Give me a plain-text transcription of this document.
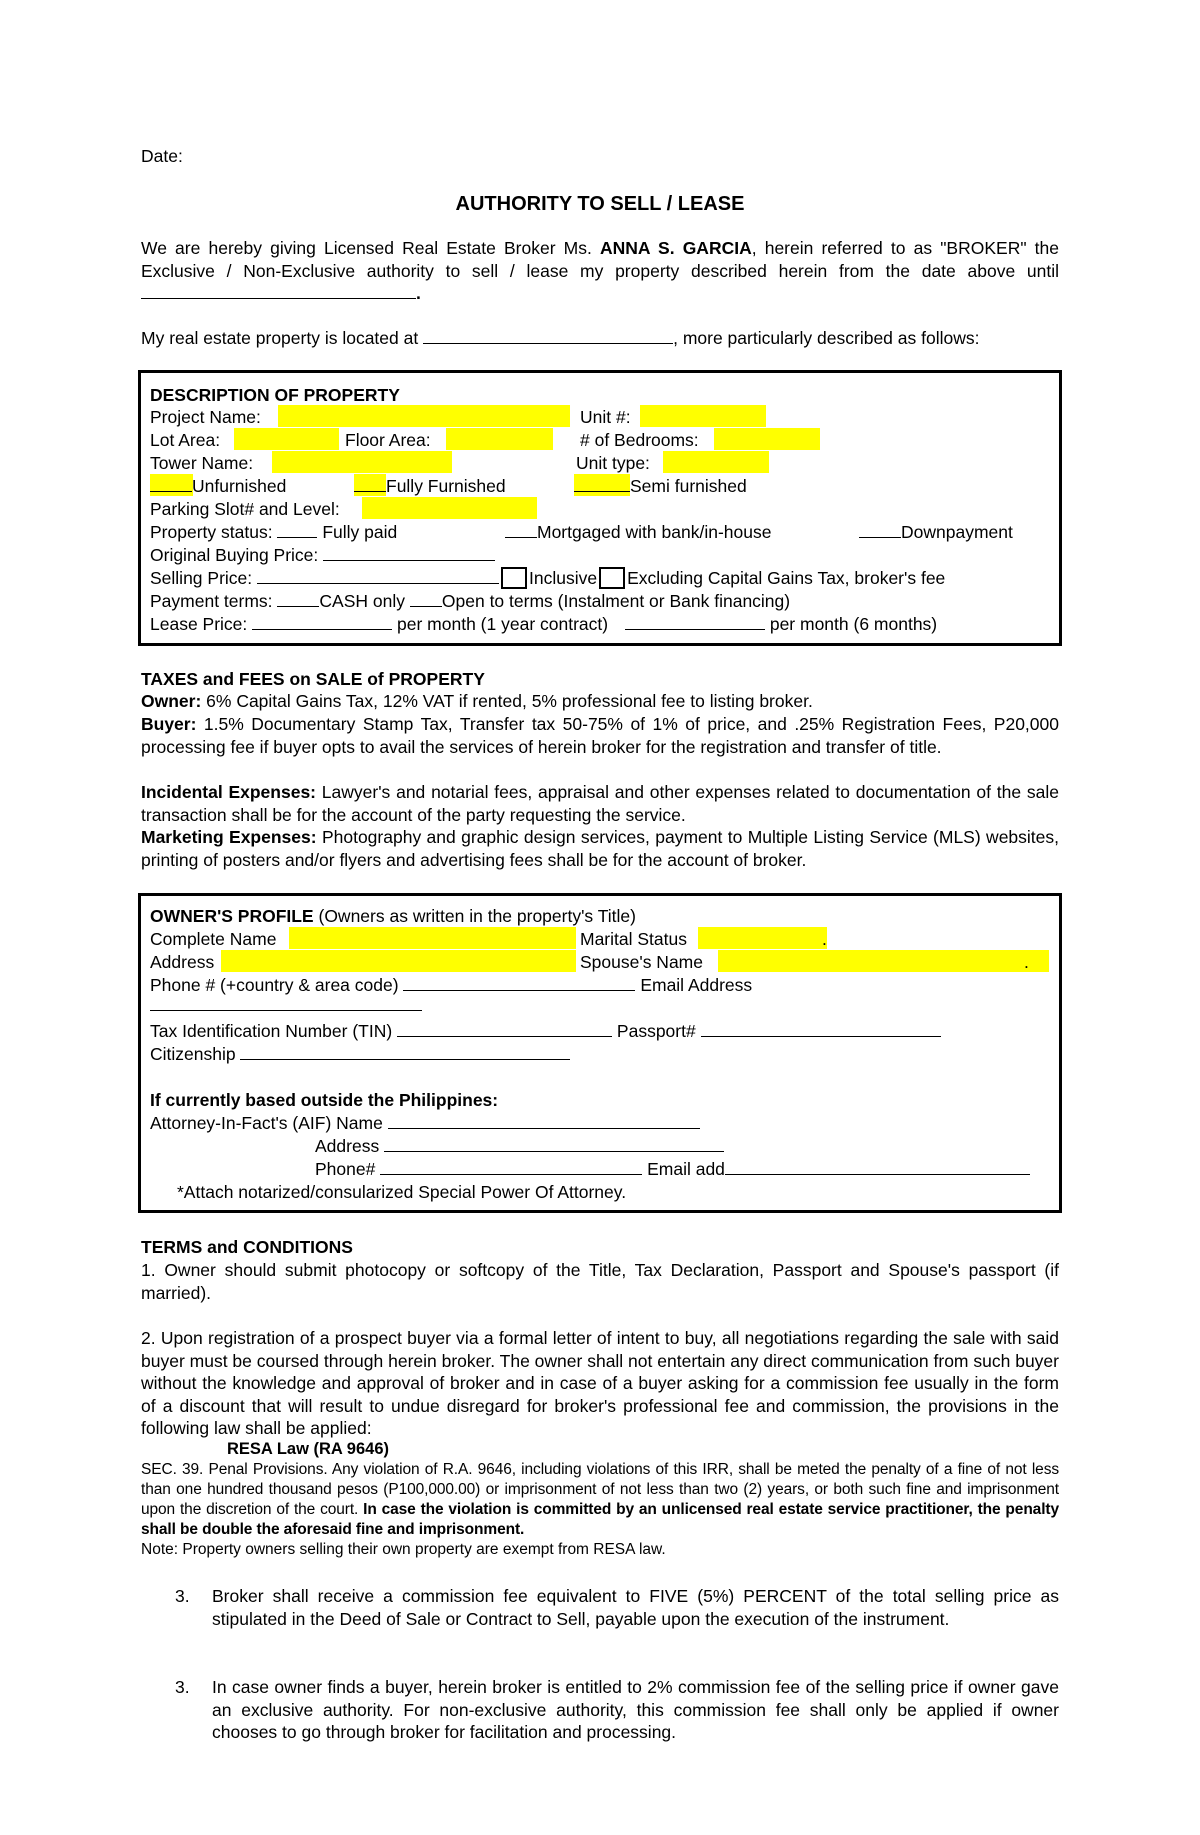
Date:
AUTHORITY TO SELL / LEASE
We are hereby giving Licensed Real Estate Broker Ms. ANNA S. GARCIA, herein referred to as "BROKER" the Exclusive / Non-Exclusive authority to sell / lease my property described herein from the date above until .
My real estate property is located at	, more particularly described as follows:
DESCRIPTION OF PROPERTY
Project Name:	Unit #:
Lot Area:	Floor Area:	# of Bedrooms:
Tower Name:	Unit type:
Unfurnished	Fully Furnished	Semi furnished
Parking Slot# and Level:
Property status:	Fully paid	Mortgaged with bank/in-house	Downpayment
Original Buying Price:
Selling Price:	Inclusive Excluding Capital Gains Tax, broker's fee
Payment terms:	CASH only Open to terms (Instalment or Bank financing)
Lease Price:	per month (1 year contract)	per month (6 months)
TAXES and FEES on SALE of PROPERTY
Owner: 6% Capital Gains Tax, 12% VAT if rented, 5% professional fee to listing broker.
Buyer: 1.5% Documentary Stamp Tax, Transfer tax 50-75% of 1% of price, and .25% Registration Fees, P20,000 processing fee if buyer opts to avail the services of herein broker for the registration and transfer of title.
Incidental Expenses: Lawyer's and notarial fees, appraisal and other expenses related to documentation of the sale transaction shall be for the account of the party requesting the service.
Marketing Expenses: Photography and graphic design services, payment to Multiple Listing Service (MLS) websites, printing of posters and/or flyers and advertising fees shall be for the account of broker.
OWNER'S PROFILE (Owners as written in the property's Title)
Complete Name	Marital Status	.
Address	Spouse's Name	.
Phone # (+country & area code)	Email Address
Tax Identification Number (TIN)	Passport#
Citizenship
If currently based outside the Philippines:
Attorney-In-Fact's (AIF) Name
Address
Phone#	Email add
*Attach notarized/consularized Special Power Of Attorney.
TERMS and CONDITIONS
1. Owner should submit photocopy or softcopy of the Title, Tax Declaration, Passport and Spouse's passport (if married).
2. Upon registration of a prospect buyer via a formal letter of intent to buy, all negotiations regarding the sale with said buyer must be coursed through herein broker. The owner shall not entertain any direct communication from such buyer without the knowledge and approval of broker and in case of a buyer asking for a commission fee usually in the form of a discount that will result to undue disregard for broker's professional fee and commission, the provisions in the following law shall be applied:
RESA Law (RA 9646)
SEC. 39. Penal Provisions. Any violation of R.A. 9646, including violations of this IRR, shall be meted the penalty of a fine of not less than one hundred thousand pesos (P100,000.00) or imprisonment of not less than two (2) years, or both such fine and imprisonment upon the discretion of the court. In case the violation is committed by an unlicensed real estate service practitioner, the penalty shall be double the aforesaid fine and imprisonment.
Note: Property owners selling their own property are exempt from RESA law.
3. Broker shall receive a commission fee equivalent to FIVE (5%) PERCENT of the total selling price as stipulated in the Deed of Sale or Contract to Sell, payable upon the execution of the instrument.
3. In case owner finds a buyer, herein broker is entitled to 2% commission fee of the selling price if owner gave an exclusive authority. For non-exclusive authority, this commission fee shall only be applied if owner chooses to go through broker for facilitation and processing.
